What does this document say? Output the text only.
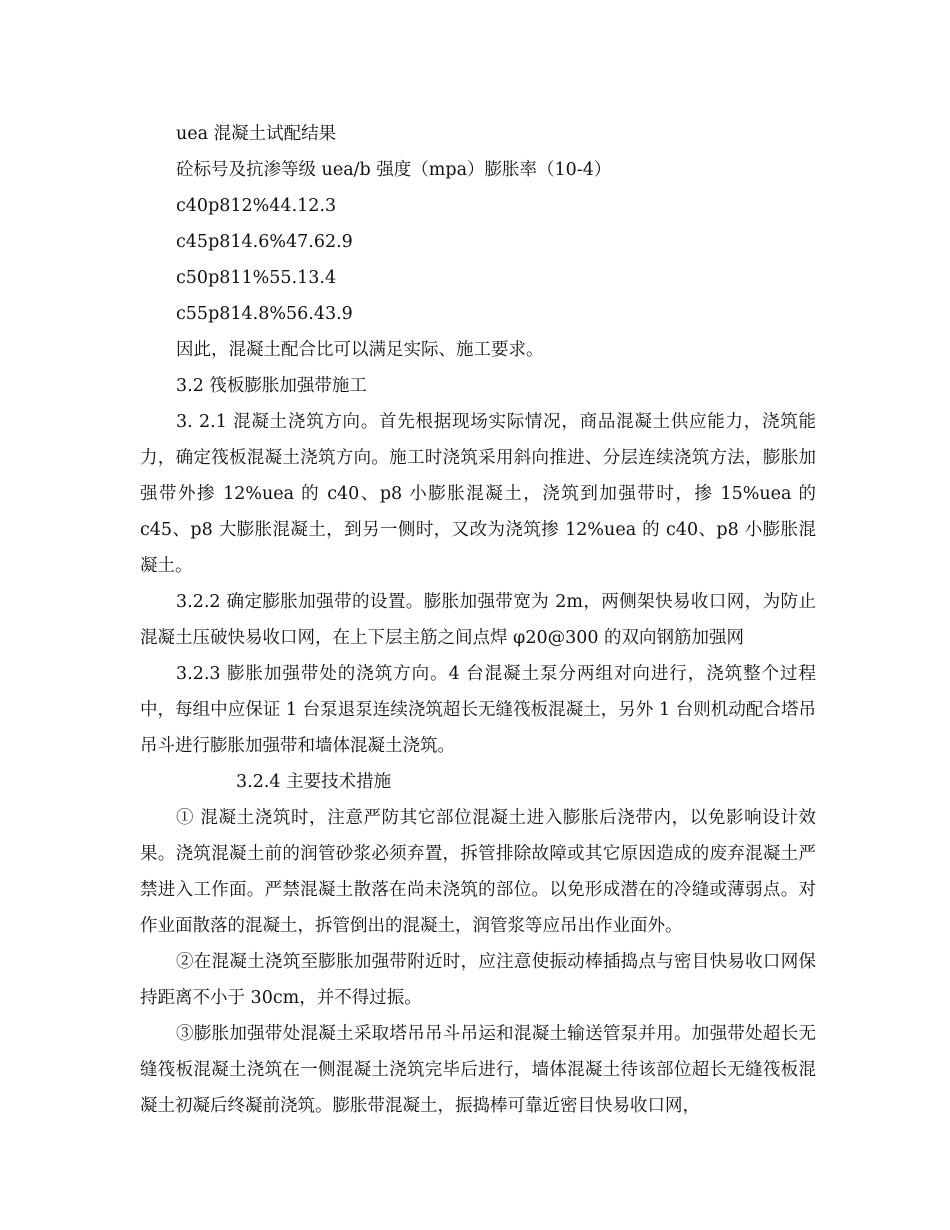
uea 混凝土试配结果

砼标号及抗渗等级 uea/b 强度（mpa）膨胀率（10-4）

c40p812%44.12.3

c45p814.6%47.62.9

c50p811%55.13.4

c55p814.8%56.43.9

因此，混凝土配合比可以满足实际、施工要求。

3.2 筏板膨胀加强带施工

3. 2.1 混凝土浇筑方向。首先根据现场实际情况，商品混凝土供应能力，浇筑能力，确定筏板混凝土浇筑方向。施工时浇筑采用斜向推进、分层连续浇筑方法，膨胀加强带外掺 12%uea 的 c40、p8 小膨胀混凝土，浇筑到加强带时，掺 15%uea 的 c45、p8 大膨胀混凝土，到另一侧时，又改为浇筑掺 12%uea 的 c40、p8 小膨胀混凝土。

3.2.2 确定膨胀加强带的设置。膨胀加强带宽为 2m，两侧架快易收口网，为防止混凝土压破快易收口网，在上下层主筋之间点焊 φ20@300 的双向钢筋加强网

3.2.3 膨胀加强带处的浇筑方向。4 台混凝土泵分两组对向进行，浇筑整个过程中，每组中应保证 1 台泵退泵连续浇筑超长无缝筏板混凝土，另外 1 台则机动配合塔吊吊斗进行膨胀加强带和墙体混凝土浇筑。

3.2.4 主要技术措施

① 混凝土浇筑时，注意严防其它部位混凝土进入膨胀后浇带内，以免影响设计效果。浇筑混凝土前的润管砂浆必须弃置，拆管排除故障或其它原因造成的废弃混凝土严禁进入工作面。严禁混凝土散落在尚未浇筑的部位。以免形成潜在的冷缝或薄弱点。对作业面散落的混凝土，拆管倒出的混凝土，润管浆等应吊出作业面外。

②在混凝土浇筑至膨胀加强带附近时，应注意使振动棒插捣点与密目快易收口网保持距离不小于 30cm，并不得过振。

③膨胀加强带处混凝土采取塔吊吊斗吊运和混凝土输送管泵并用。加强带处超长无缝筏板混凝土浇筑在一侧混凝土浇筑完毕后进行，墙体混凝土待该部位超长无缝筏板混凝土初凝后终凝前浇筑。膨胀带混凝土，振捣棒可靠近密目快易收口网，
